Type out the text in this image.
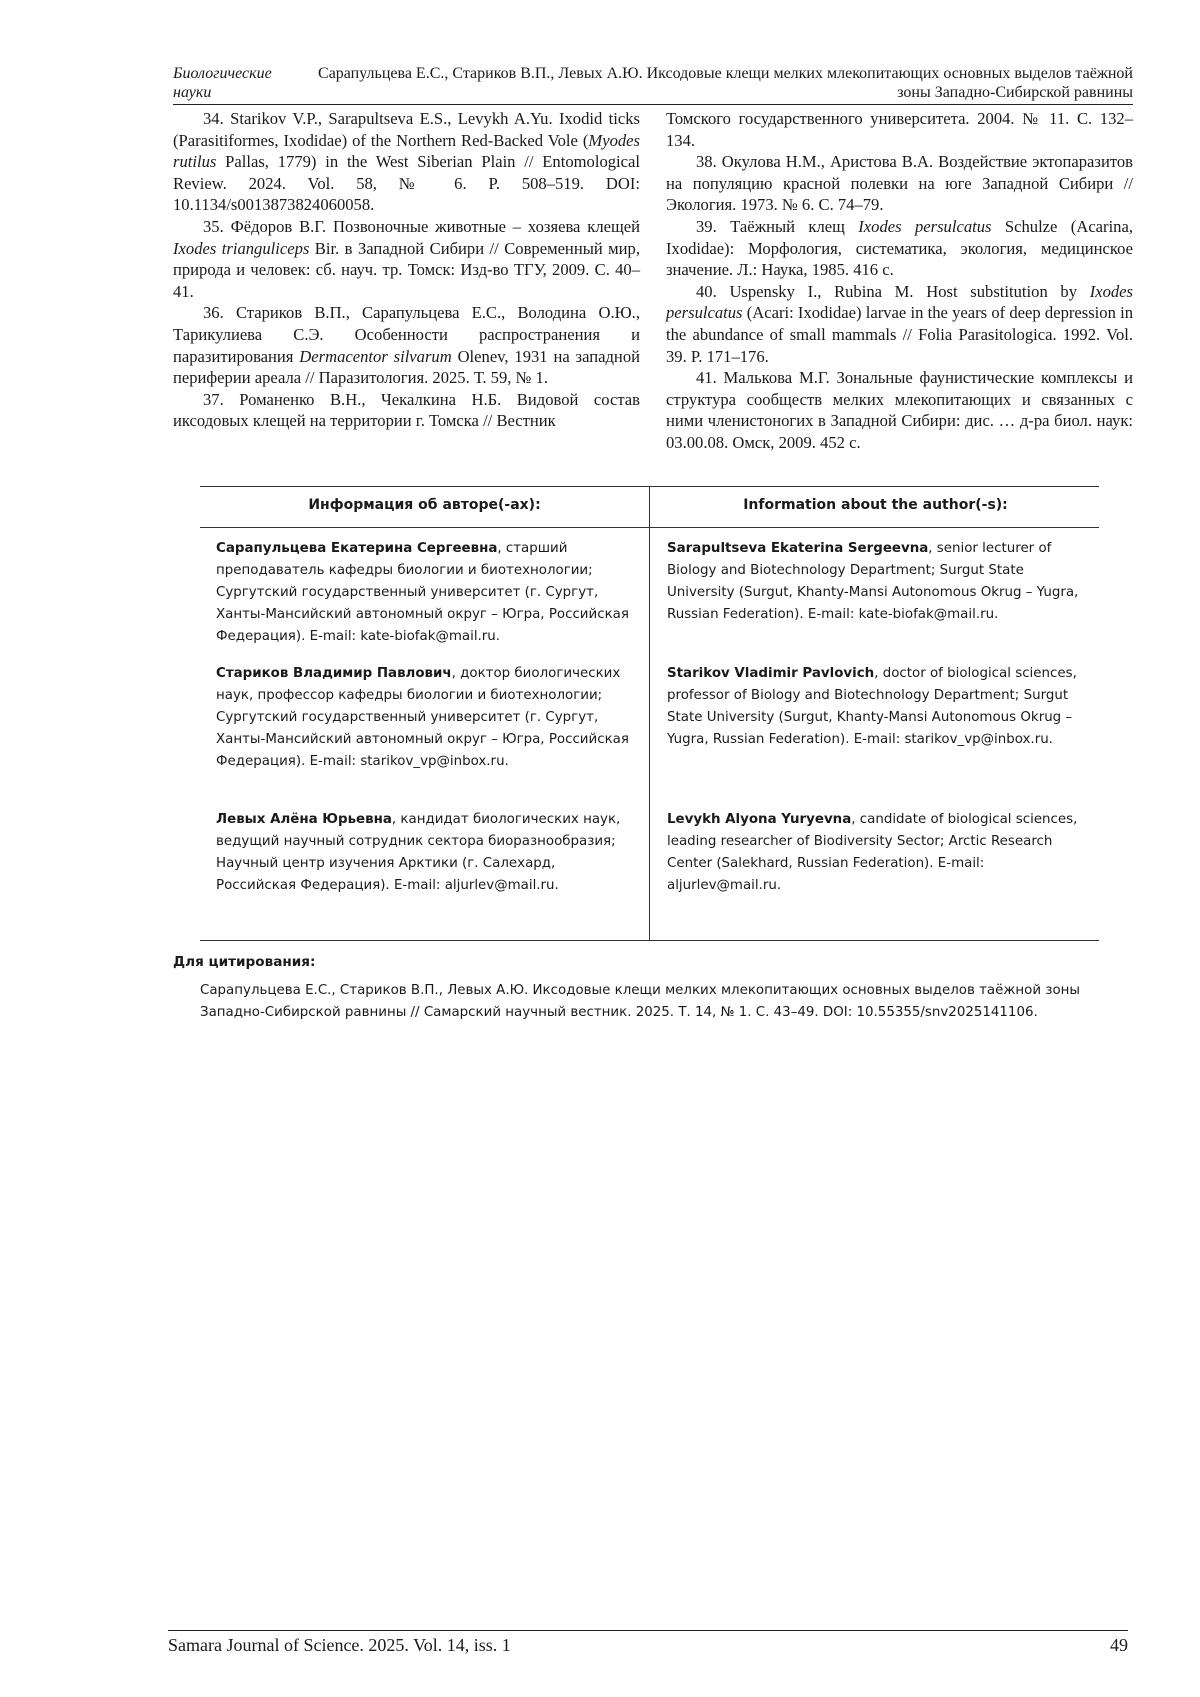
Биологические науки
Сарапульцева Е.С., Стариков В.П., Левых А.Ю. Иксодовые клещи мелких млекопитающих основных выделов таёжной зоны Западно-Сибирской равнины

34. Starikov V.P., Sarapultseva E.S., Levykh A.Yu. Ixodid ticks (Parasitiformes, Ixodidae) of the Northern Red-Backed Vole (Myodes rutilus Pallas, 1779) in the West Siberian Plain // Entomological Review. 2024. Vol. 58, № 6. P. 508–519. DOI: 10.1134/s0013873824060058.

35. Фёдоров В.Г. Позвоночные животные – хозяева клещей Ixodes trianguliceps Bir. в Западной Сибири // Современный мир, природа и человек: сб. науч. тр. Томск: Изд-во ТГУ, 2009. С. 40–41.

36. Стариков В.П., Сарапульцева Е.С., Володина О.Ю., Тарикулиева С.Э. Особенности распространения и паразитирования Dermacentor silvarum Olenev, 1931 на западной периферии ареала // Паразитология. 2025. Т. 59, № 1.

37. Романенко В.Н., Чекалкина Н.Б. Видовой состав иксодовых клещей на территории г. Томска // Вестник

Томского государственного университета. 2004. № 11. С. 132–134.

38. Окулова Н.М., Аристова В.А. Воздействие эктопаразитов на популяцию красной полевки на юге Западной Сибири // Экология. 1973. № 6. С. 74–79.

39. Таёжный клещ Ixodes persulcatus Schulze (Acarina, Ixodidae): Морфология, систематика, экология, медицинское значение. Л.: Наука, 1985. 416 с.

40. Uspensky I., Rubina M. Host substitution by Ixodes persulcatus (Acari: Ixodidae) larvae in the years of deep depression in the abundance of small mammals // Folia Parasitologica. 1992. Vol. 39. P. 171–176.

41. Малькова М.Г. Зональные фаунистические комплексы и структура сообществ мелких млекопитающих и связанных с ними членистоногих в Западной Сибири: дис. … д-ра биол. наук: 03.00.08. Омск, 2009. 452 с.

Информация об авторе(-ах):	Information about the author(-s):
Сарапульцева Екатерина Сергеевна, старший преподаватель кафедры биологии и биотехнологии; Сургутский государственный университет (г. Сургут, Ханты-Мансийский автономный округ – Югра, Российская Федерация). E-mail: kate-biofak@mail.ru.
Стариков Владимир Павлович, доктор биологических наук, профессор кафедры биологии и биотехнологии; Сургутский государственный университет (г. Сургут, Ханты-Мансийский автономный округ – Югра, Российская Федерация). E-mail: starikov_vp@inbox.ru.
Левых Алёна Юрьевна, кандидат биологических наук, ведущий научный сотрудник сектора биоразнообразия; Научный центр изучения Арктики (г. Салехард, Российская Федерация). E-mail: aljurlev@mail.ru.
Sarapultseva Ekaterina Sergeevna, senior lecturer of Biology and Biotechnology Department; Surgut State University (Surgut, Khanty-Mansi Autonomous Okrug – Yugra, Russian Federation). E-mail: kate-biofak@mail.ru.
Starikov Vladimir Pavlovich, doctor of biological sciences, professor of Biology and Biotechnology Department; Surgut State University (Surgut, Khanty-Mansi Autonomous Okrug – Yugra, Russian Federation). E-mail: starikov_vp@inbox.ru.
Levykh Alyona Yuryevna, candidate of biological sciences, leading researcher of Biodiversity Sector; Arctic Research Center (Salekhard, Russian Federation). E-mail: aljurlev@mail.ru.
Для цитирования:
Сарапульцева Е.С., Стариков В.П., Левых А.Ю. Иксодовые клещи мелких млекопитающих основных выделов таёжной зоны Западно-Сибирской равнины // Самарский научный вестник. 2025. Т. 14, № 1. С. 43–49. DOI: 10.55355/snv2025141106.
Samara Journal of Science. 2025. Vol. 14, iss. 1	49
